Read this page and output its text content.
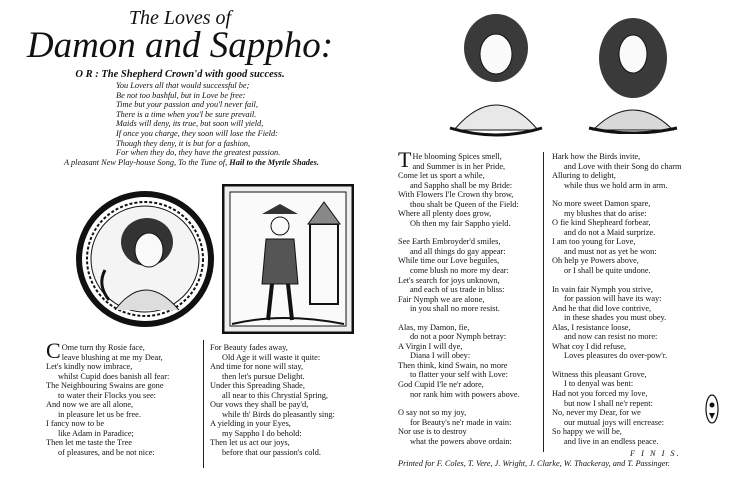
The Loves of
Damon and Sappho:
O R : The Shepherd Crown'd with good success.
You Lovers all that would successful be;
Be not too bashful, but in Love be free:
Time but your passion and you'l never fail,
There is a time when you'l be sure prevail.
Maids will deny, its true, but soon will yield,
If once you charge, they soon will lose the Field:
Though they deny, it is but for a fashion,
For when they do, they have the greatest passion.
A pleasant New Play-house Song, To the Tune of, Hail to the Myrtle Shades.
C Ome turn thy Rosie face,
leave blushing at me my Dear,
Let's kindly now imbrace,
whilst Cupid does banish all fear:
The Neighbouring Swains are gone
to water their Flocks you see:
And now we are all alone,
in pleasure let us be free.
I fancy now to be
like Adam in Paradice;
Then let me taste the Tree
of pleasures, and be not nice:
For Beauty fades away,
Old Age it will waste it quite:
And time for none will stay,
then let's pursue Delight.
Under this Spreading Shade,
all near to this Chrystial Spring,
Our vows they shall be pay'd,
while th' Birds do pleasantly sing:
A yielding in your Eyes,
my Sappho I do behold:
Then let us act our joys,
before that our passion's cold.
T He blooming Spices smell,
and Summer is in her Pride,
Come let us sport a while,
and Sappho shall be my Bride:
With Flowers I'le Crown thy brow,
thou shalt be Queen of the Field:
Where all plenty does grow,
Oh then my fair Sappho yield.
See Earth Embroyder'd smiles,
and all things do gay appear:
While time our Love beguiles,
come blush no more my dear:
Let's search for joys unknown,
and each of us trade in bliss:
Fair Nymph we are alone,
in you shall no more resist.
Alas, my Damon, fie,
do not a poor Nymph betray:
A Virgin I will dye,
Diana I will obey:
Then think, kind Swain, no more
to flatter your self with Love:
God Cupid I'le ne'r adore,
nor rank him with powers above.
O say not so my joy,
for Beauty's ne'r made in vain:
Nor use is to destroy
what the powers above ordain:
Hark how the Birds invite,
and Love with their Song do charm
Alluring to delight,
while thus we hold arm in arm.
No more sweet Damon spare,
my blushes that do arise:
O fie kind Shepheard forbear,
and do not a Maid surprize.
I am too young for Love,
and must not as yet be won:
Oh help ye Powers above,
or I shall be quite undone.
In vain fair Nymph you strive,
for passion will have its way:
And he that did love contrive,
in these shades you must obey.
Alas, I resistance loose,
and now can resist no more:
What coy I did refuse,
Loves pleasures do over-pow'r.
Witness this pleasant Grove,
I to denyal was bent:
Had not you forced my love,
but now I shall ne'r repent:
No, never my Dear, for we
our mutual joys will encrease:
So happy we will be,
and live in an endless peace.
F I N I S.
Printed for F. Coles, T. Vere, J. Wright, J. Clarke, W. Thackeray, and T. Passinger.
